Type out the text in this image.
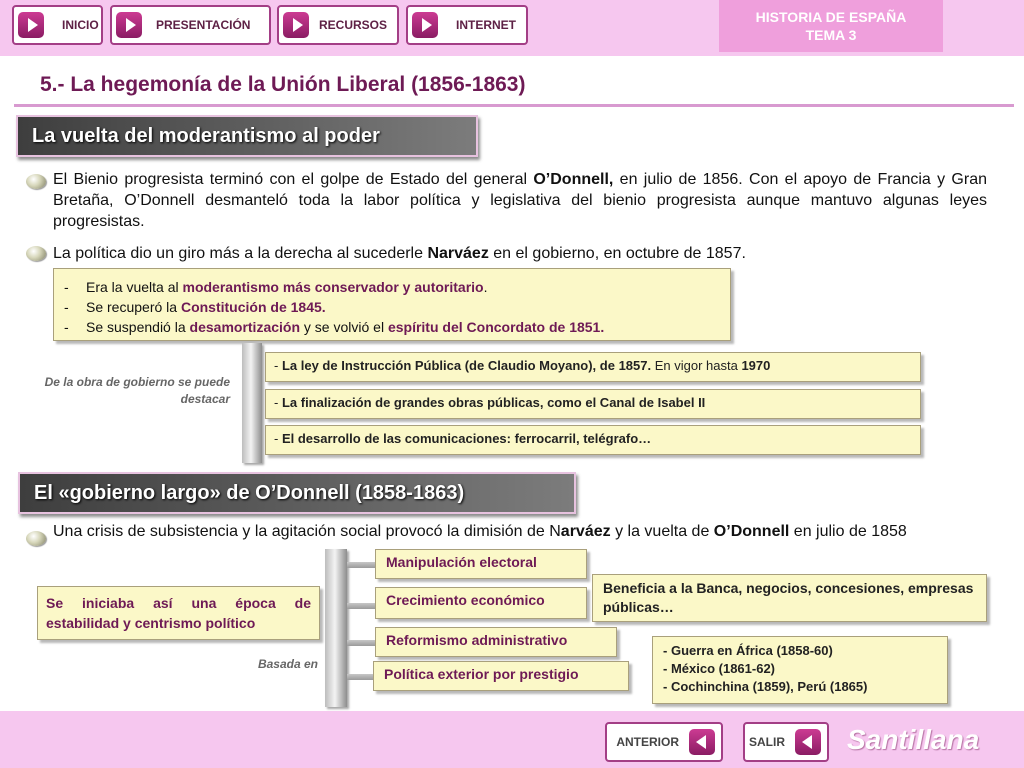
INICIO	PRESENTACIÓN	RECURSOS	INTERNET	HISTORIA DE ESPAÑA
TEMA 3
5.- La hegemonía de la Unión Liberal (1856-1863)
La vuelta del moderantismo al poder
El Bienio progresista terminó con el golpe de Estado del general O’Donnell, en julio de 1856. Con el apoyo de Francia y Gran Bretaña, O’Donnell desmanteló toda la labor política y legislativa del bienio progresista aunque mantuvo algunas leyes progresistas.
La política dio un giro más a la derecha al sucederle Narváez en el gobierno, en octubre de 1857.
- Era la vuelta al moderantismo más conservador y autoritario.
- Se recuperó la Constitución de 1845.
- Se suspendió la desamortización y se volvió el espíritu del Concordato de 1851.
De la obra de gobierno se puede destacar
- La ley de Instrucción Pública (de Claudio Moyano), de 1857. En vigor hasta 1970
- La finalización de grandes obras públicas, como el Canal de Isabel II
- El desarrollo de las comunicaciones: ferrocarril, telégrafo…
El «gobierno largo» de O’Donnell (1858-1863)
Una crisis de subsistencia y la agitación social provocó la dimisión de Narváez y la vuelta de O’Donnell en julio de 1858
Se iniciaba así una época de estabilidad y centrismo político
Basada en
Manipulación electoral
Crecimiento económico
Reformismo administrativo
Política exterior por prestigio
Beneficia a la Banca, negocios, concesiones, empresas públicas…
- Guerra en África (1858-60)
- México (1861-62)
- Cochinchina (1859), Perú (1865)
ANTERIOR	SALIR Santillana
